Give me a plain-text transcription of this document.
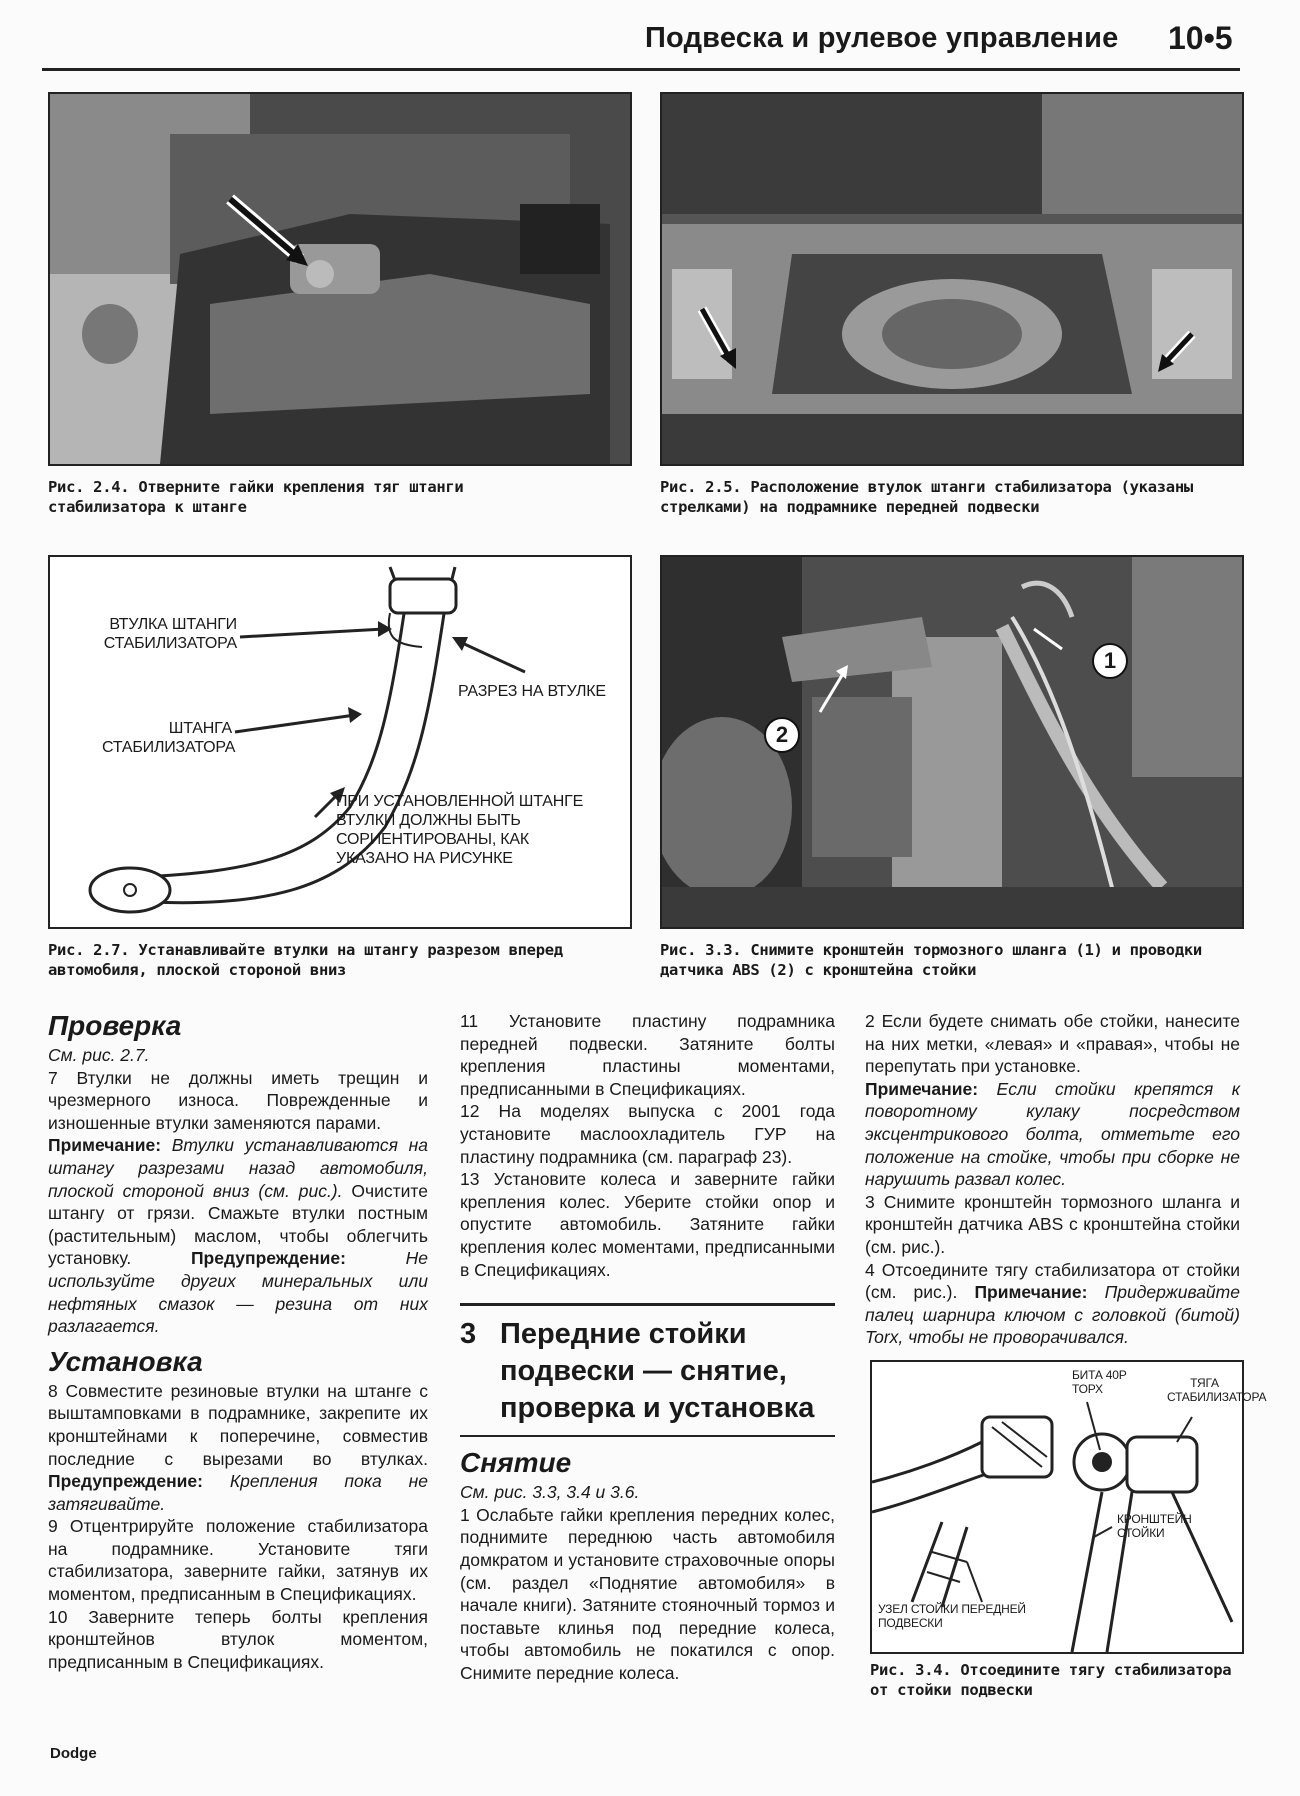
Подвеска и рулевое управление 10•5
Рис. 2.4. Отверните гайки крепления тяг штанги стабилизатора к штанге
Рис. 2.5. Расположение втулок штанги стабилизатора (указаны стрелками) на подрамнике передней подвески
ВТУЛКА ШТАНГИ СТАБИЛИЗАТОРА
РАЗРЕЗ НА ВТУЛКЕ
ШТАНГА СТАБИЛИЗАТОРА
ПРИ УСТАНОВЛЕННОЙ ШТАНГЕ ВТУЛКИ ДОЛЖНЫ БЫТЬ СОРИЕНТИРОВАНЫ, КАК УКАЗАНО НА РИСУНКЕ
Рис. 2.7. Устанавливайте втулки на штангу разрезом вперед автомобиля, плоской стороной вниз
1
2
Рис. 3.3. Снимите кронштейн тормозного шланга (1) и проводки датчика ABS (2) с кронштейна стойки
Проверка

См. рис. 2.7.

7 Втулки не должны иметь трещин и чрезмерного износа. Поврежденные и изношенные втулки заменяются парами.

Примечание: Втулки устанавливаются на штангу разрезами назад автомобиля, плоской стороной вниз (см. рис.). Очистите штангу от грязи. Смажьте втулки постным (растительным) маслом, чтобы облегчить установку.	Предупреждение:	Не используйте других минеральных или нефтяных смазок — резина от них разлагается.

Установка

8 Совместите резиновые втулки на штанге с выштамповками в подрамнике, закрепите их кронштейнами к поперечине, совместив последние с вырезами во втулках. Предупреждение: Крепления пока не затягивайте.

9 Отцентрируйте положение стабилизатора на подрамнике. Установите тяги стабилизатора, заверните гайки, затянув их моментом, предписанным в Спецификациях.

10 Заверните теперь болты крепления кронштейнов втулок моментом, предписанным в Спецификациях.

11 Установите пластину подрамника передней подвески. Затяните болты крепления пластины моментами, предписанными в Спецификациях.

12 На моделях выпуска с 2001 года установите маслоохладитель ГУР на пластину подрамника (см. параграф 23).

13 Установите колеса и заверните гайки крепления колес. Уберите стойки опор и опустите автомобиль. Затяните гайки крепления колес моментами, предписанными в Спецификациях.

3 Передние стойки подвески — снятие, проверка и установка
Снятие

См. рис. 3.3, 3.4 и 3.6.

1 Ослабьте гайки крепления передних колес, поднимите переднюю часть автомобиля домкратом и установите страховочные опоры (см. раздел «Поднятие автомобиля» в начале книги). Затяните стояночный тормоз и поставьте клинья под передние колеса, чтобы автомобиль не покатился с опор. Снимите передние колеса.

2 Если будете снимать обе стойки, нанесите на них метки, «левая» и «правая», чтобы не перепутать при установке.

Примечание: Если стойки крепятся к поворотному кулаку посредством эксцентрикового болта, отметьте его положение на стойке, чтобы при сборке не нарушить развал колес.

3 Снимите кронштейн тормозного шланга и кронштейн датчика ABS с кронштейна стойки (см. рис.).

4 Отсоедините тягу стабилизатора от стойки (см. рис.). Примечание: Придерживайте палец шарнира ключом с головкой (битой) Torx, чтобы не проворачивался.

БИТА 40Р ТОРХ	ТЯГА СТАБИЛИЗАТОРА
КРОНШТЕЙН СТОЙКИ
УЗЕЛ СТОЙКИ ПЕРЕДНЕЙ ПОДВЕСКИ
Рис. 3.4. Отсоедините тягу стабилизатора от стойки подвески
Dodge
